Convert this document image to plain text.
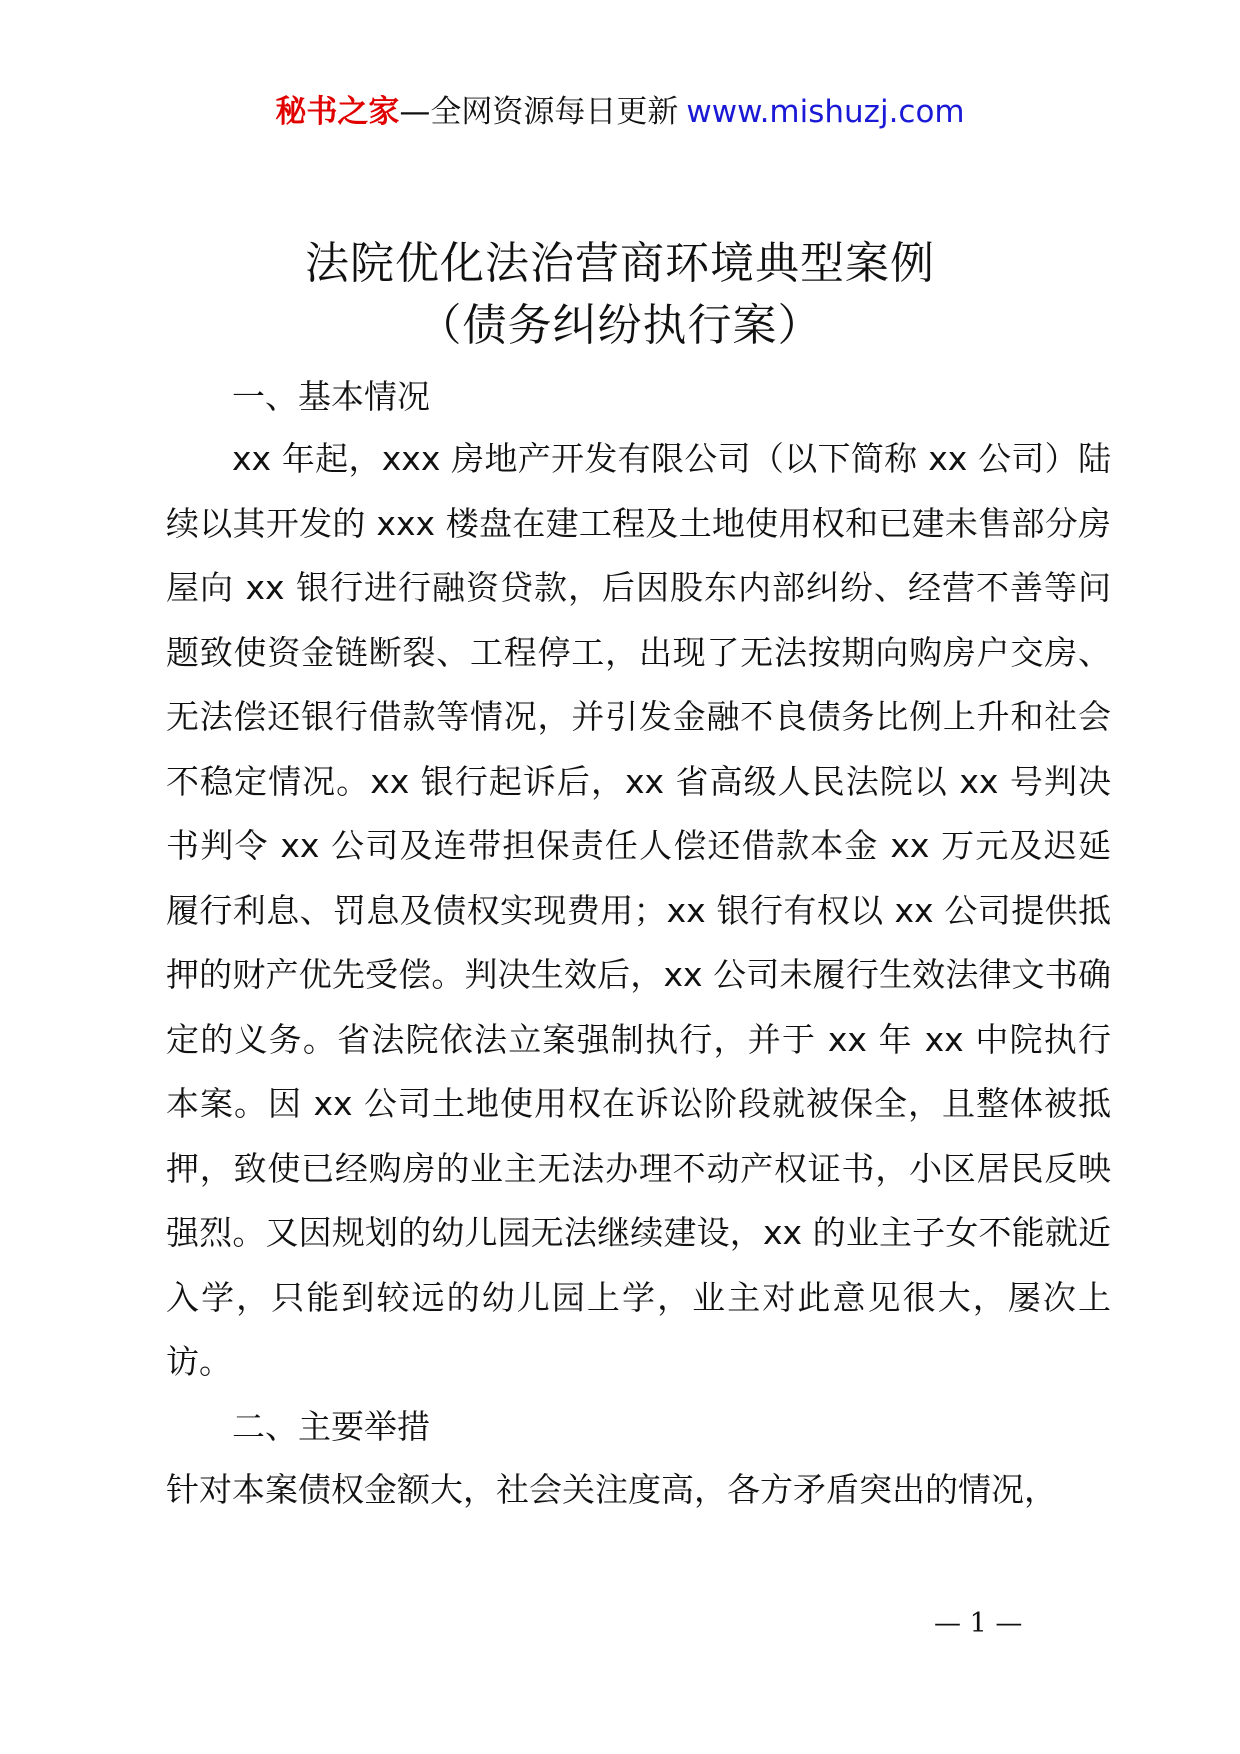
秘书之家—全网资源每日更新 www.mishuzj.com
法院优化法治营商环境典型案例
（债务纠纷执行案）
一、基本情况

xx 年起，xxx 房地产开发有限公司（以下简称 xx 公司）陆续以其开发的 xxx 楼盘在建工程及土地使用权和已建未售部分房屋向 xx 银行进行融资贷款，后因股东内部纠纷、经营不善等问题致使资金链断裂、工程停工，出现了无法按期向购房户交房、无法偿还银行借款等情况，并引发金融不良债务比例上升和社会不稳定情况。xx 银行起诉后，xx 省高级人民法院以 xx 号判决书判令 xx 公司及连带担保责任人偿还借款本金 xx 万元及迟延履行利息、罚息及债权实现费用；xx 银行有权以 xx 公司提供抵押的财产优先受偿。判决生效后，xx 公司未履行生效法律文书确定的义务。省法院依法立案强制执行，并于 xx 年 xx 中院执行本案。因 xx 公司土地使用权在诉讼阶段就被保全，且整体被抵押，致使已经购房的业主无法办理不动产权证书，小区居民反映强烈。又因规划的幼儿园无法继续建设，xx 的业主子女不能就近入学，只能到较远的幼儿园上学，业主对此意见很大，屡次上访。

二、主要举措

针对本案债权金额大，社会关注度高，各方矛盾突出的情况，

— 1 —
